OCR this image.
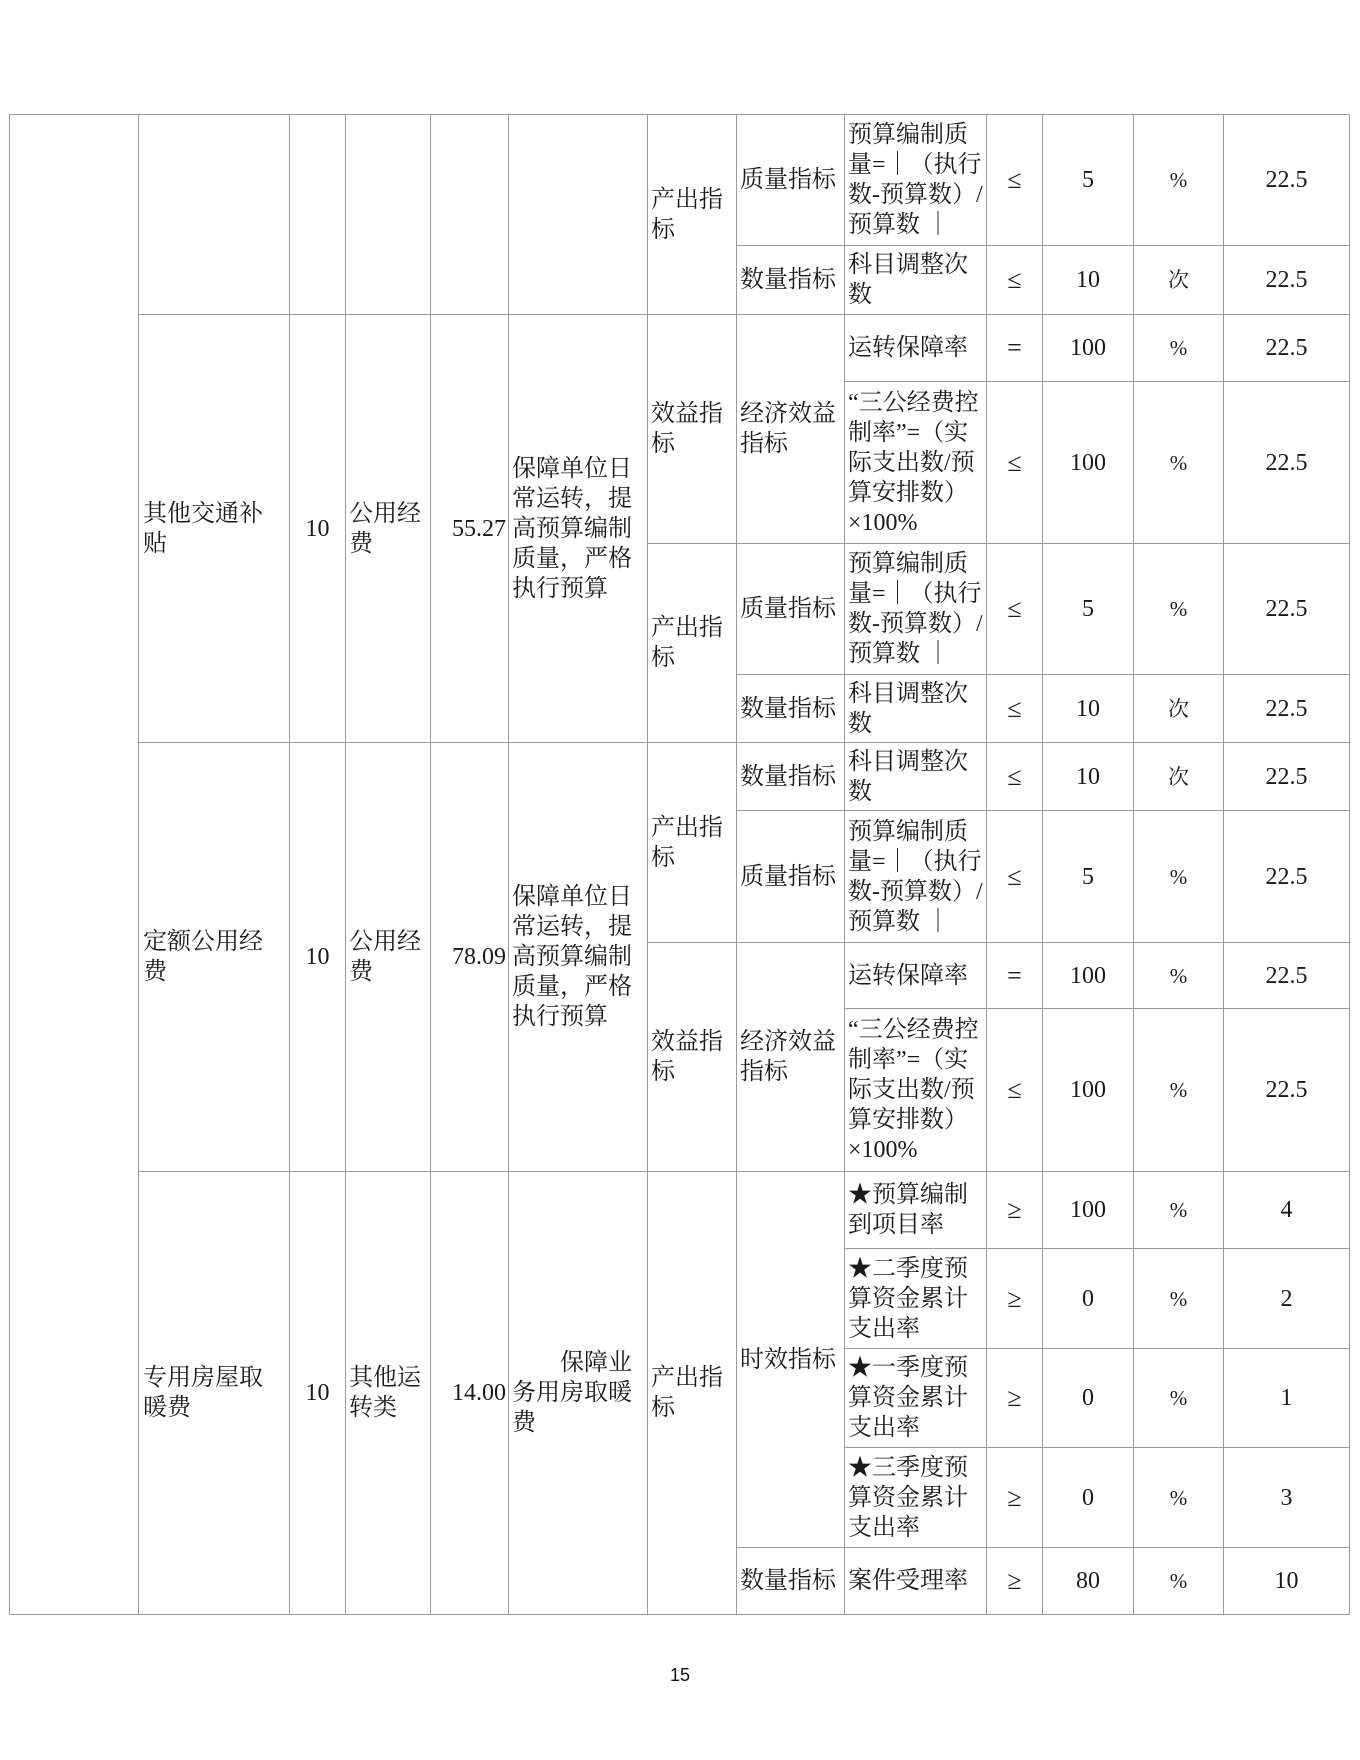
						产出指标	质量指标	预算编制质量=｜（执行数-预算数）/预算数 ｜	≤	5	%	22.5
							数量指标	科目调整次数	≤	10	次	22.5
	其他交通补贴	10	公用经费	55.27	保障单位日常运转，提高预算编制质量，严格执行预算	效益指标	经济效益指标	运转保障率	=	100	%	22.5
								“三公经费控制率”=（实际支出数/预算安排数）×100%	≤	100	%	22.5
						产出指标	质量指标	预算编制质量=｜（执行数-预算数）/预算数 ｜	≤	5	%	22.5
							数量指标	科目调整次数	≤	10	次	22.5
	定额公用经费	10	公用经费	78.09	保障单位日常运转，提高预算编制质量，严格执行预算	产出指标	数量指标	科目调整次数	≤	10	次	22.5
							质量指标	预算编制质量=｜（执行数-预算数）/预算数 ｜	≤	5	%	22.5
						效益指标	经济效益指标	运转保障率	=	100	%	22.5
								“三公经费控制率”=（实际支出数/预算安排数）×100%	≤	100	%	22.5
	专用房屋取暖费	10	其他运转类	14.00	保障业务用房取暖费	产出指标	时效指标	★预算编制到项目率	≥	100	%	4
								★二季度预算资金累计支出率	≥	0	%	2
								★一季度预算资金累计支出率	≥	0	%	1
								★三季度预算资金累计支出率	≥	0	%	3
							数量指标	案件受理率	≥	80	%	10
15
